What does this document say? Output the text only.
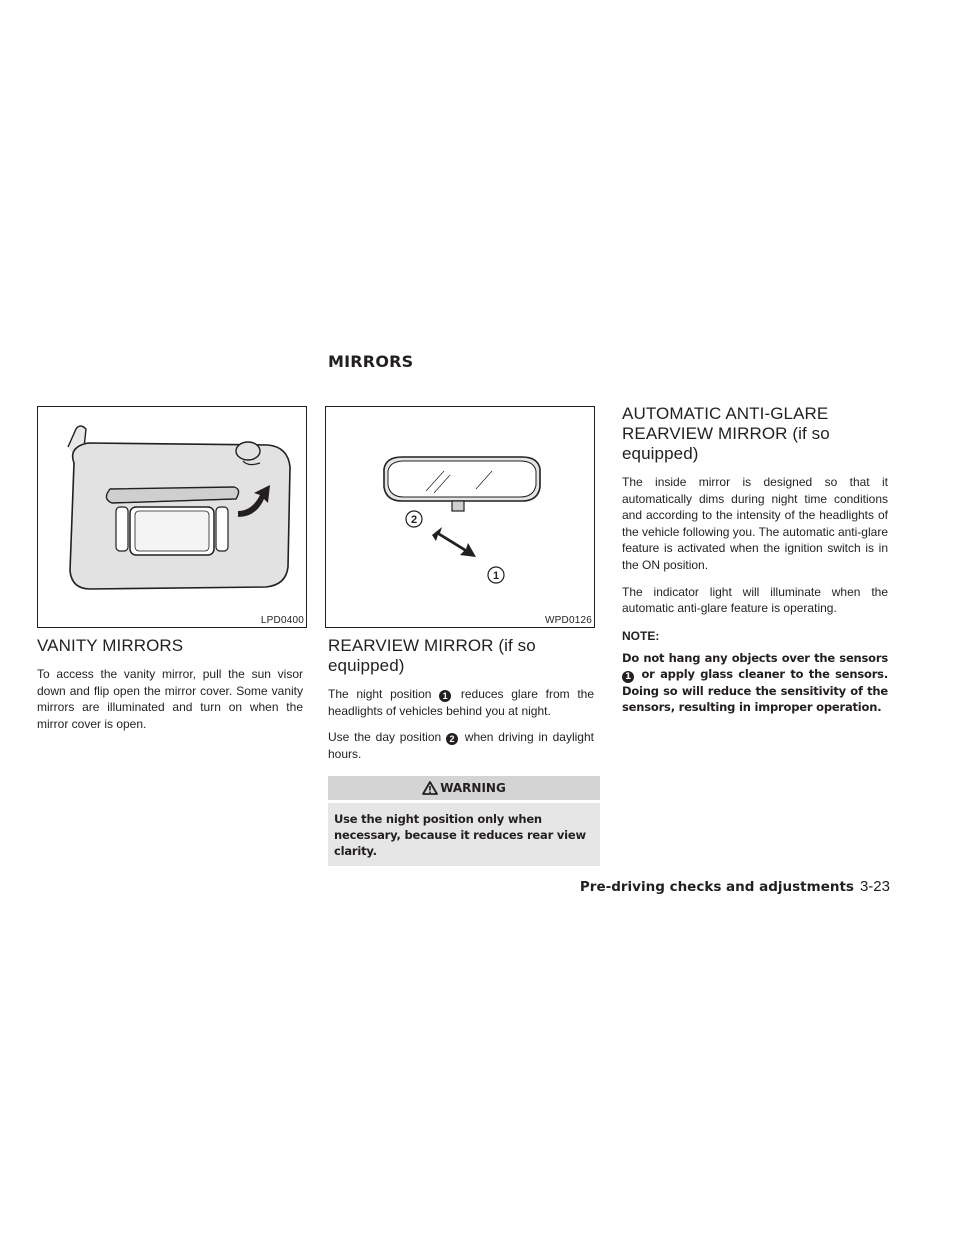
MIRRORS
LPD0400
2
1
WPD0126
VANITY MIRRORS

To access the vanity mirror, pull the sun visor down and flip open the mirror cover. Some vanity mirrors are illuminated and turn on when the mirror cover is open.

REARVIEW MIRROR (if so equipped)

The night position 1 reduces glare from the headlights of vehicles behind you at night.

Use the day position 2 when driving in daylight hours.

WARNING
Use the night position only when necessary, because it reduces rear view clarity.
AUTOMATIC ANTI-GLARE
REARVIEW MIRROR (if so equipped)

The inside mirror is designed so that it automatically dims during night time conditions and according to the intensity of the headlights of the vehicle following you. The automatic anti-glare feature is activated when the ignition switch is in the ON position.

The indicator light will illuminate when the automatic anti-glare feature is operating.

NOTE:
Do not hang any objects over the sensors 1 or apply glass cleaner to the sensors. Doing so will reduce the sensitivity of the sensors, resulting in improper operation.
Pre-driving checks and adjustments 3-23
